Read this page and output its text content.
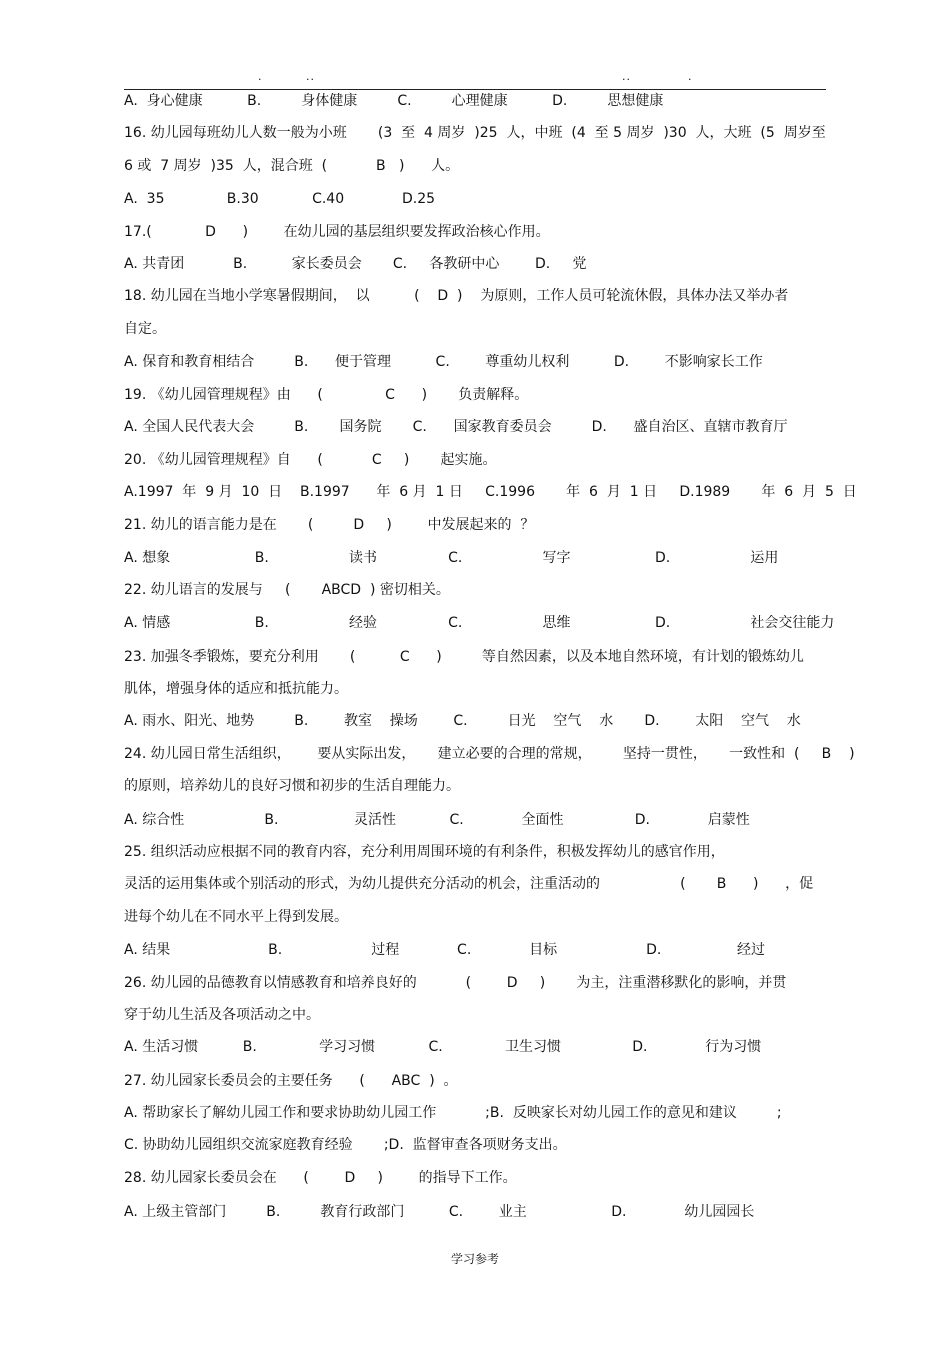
.	..	..	.
A.  身心健康          B.         身体健康         C.         心理健康          D.         思想健康
16. 幼儿园每班幼儿人数一般为小班       (3  至  4 周岁  )25  人，中班  (4  至 5 周岁  )30  人，大班  (5  周岁至
6 或  7 周岁  )35  人，混合班  (           B   )      人。
A.  35              B.30            C.40             D.25
17.(            D      )        在幼儿园的基层组织要发挥政治核心作用。
A. 共青团           B.          家长委员会       C.     各教研中心        D.     党
18. 幼儿园在当地小学寒暑假期间，  以          (    D  )    为原则，工作人员可轮流休假，具体办法又举办者
自定。
A. 保育和教育相结合         B.      便于管理          C.        尊重幼儿权利          D.        不影响家长工作
19. 《幼儿园管理规程》由      (              C      )       负责解释。
A. 全国人民代表大会         B.       国务院       C.      国家教育委员会         D.      盛自治区、直辖市教育厅
20. 《幼儿园管理规程》自      (           C     )       起实施。
A.1997  年  9 月  10  日    B.1997      年  6 月  1 日     C.1996       年  6  月  1 日     D.1989       年  6  月  5  日
21. 幼儿的语言能力是在       (         D     )        中发展起来的  ？
A. 想象                   B.                  读书                C.                  写字                   D.                  运用
22. 幼儿语言的发展与     (       ABCD  ) 密切相关。
A. 情感                   B.                  经验                C.                  思维                   D.                  社会交往能力
23. 加强冬季锻炼，要充分利用       (          C      )         等自然因素，以及本地自然环境，有计划的锻炼幼儿
肌体，增强身体的适应和抵抗能力。
A. 雨水、阳光、地势         B.        教室    操场        C.         日光    空气    水       D.        太阳    空气    水
24. 幼儿园日常生活组织，      要从实际出发，     建立必要的合理的常规，       坚持一贯性，     一致性和  (     B    )
的原则，培养幼儿的良好习惯和初步的生活自理能力。
A. 综合性                  B.                 灵活性            C.             全面性                D.             启蒙性
25. 组织活动应根据不同的教育内容，充分利用周围环境的有利条件，积极发挥幼儿的感官作用，
灵活的运用集体或个别活动的形式，为幼儿提供充分活动的机会，注重活动的                  (       B      )      ，促
进每个幼儿在不同水平上得到发展。
A. 结果                      B.                    过程             C.             目标                    D.                 经过
26. 幼儿园的品德教育以情感教育和培养良好的           (        D     )       为主，注重潜移默化的影响，并贯
穿于幼儿生活及各项活动之中。
A. 生活习惯          B.              学习习惯            C.              卫生习惯                D.             行为习惯
27. 幼儿园家长委员会的主要任务      (      ABC  )  。
A. 帮助家长了解幼儿园工作和要求协助幼儿园工作           ;B.  反映家长对幼儿园工作的意见和建议         ;
C. 协助幼儿园组织交流家庭教育经验       ;D.  监督审查各项财务支出。
28. 幼儿园家长委员会在      (        D     )        的指导下工作。
A. 上级主管部门         B.         教育行政部门          C.        业主                   D.             幼儿园园长
学习参考
